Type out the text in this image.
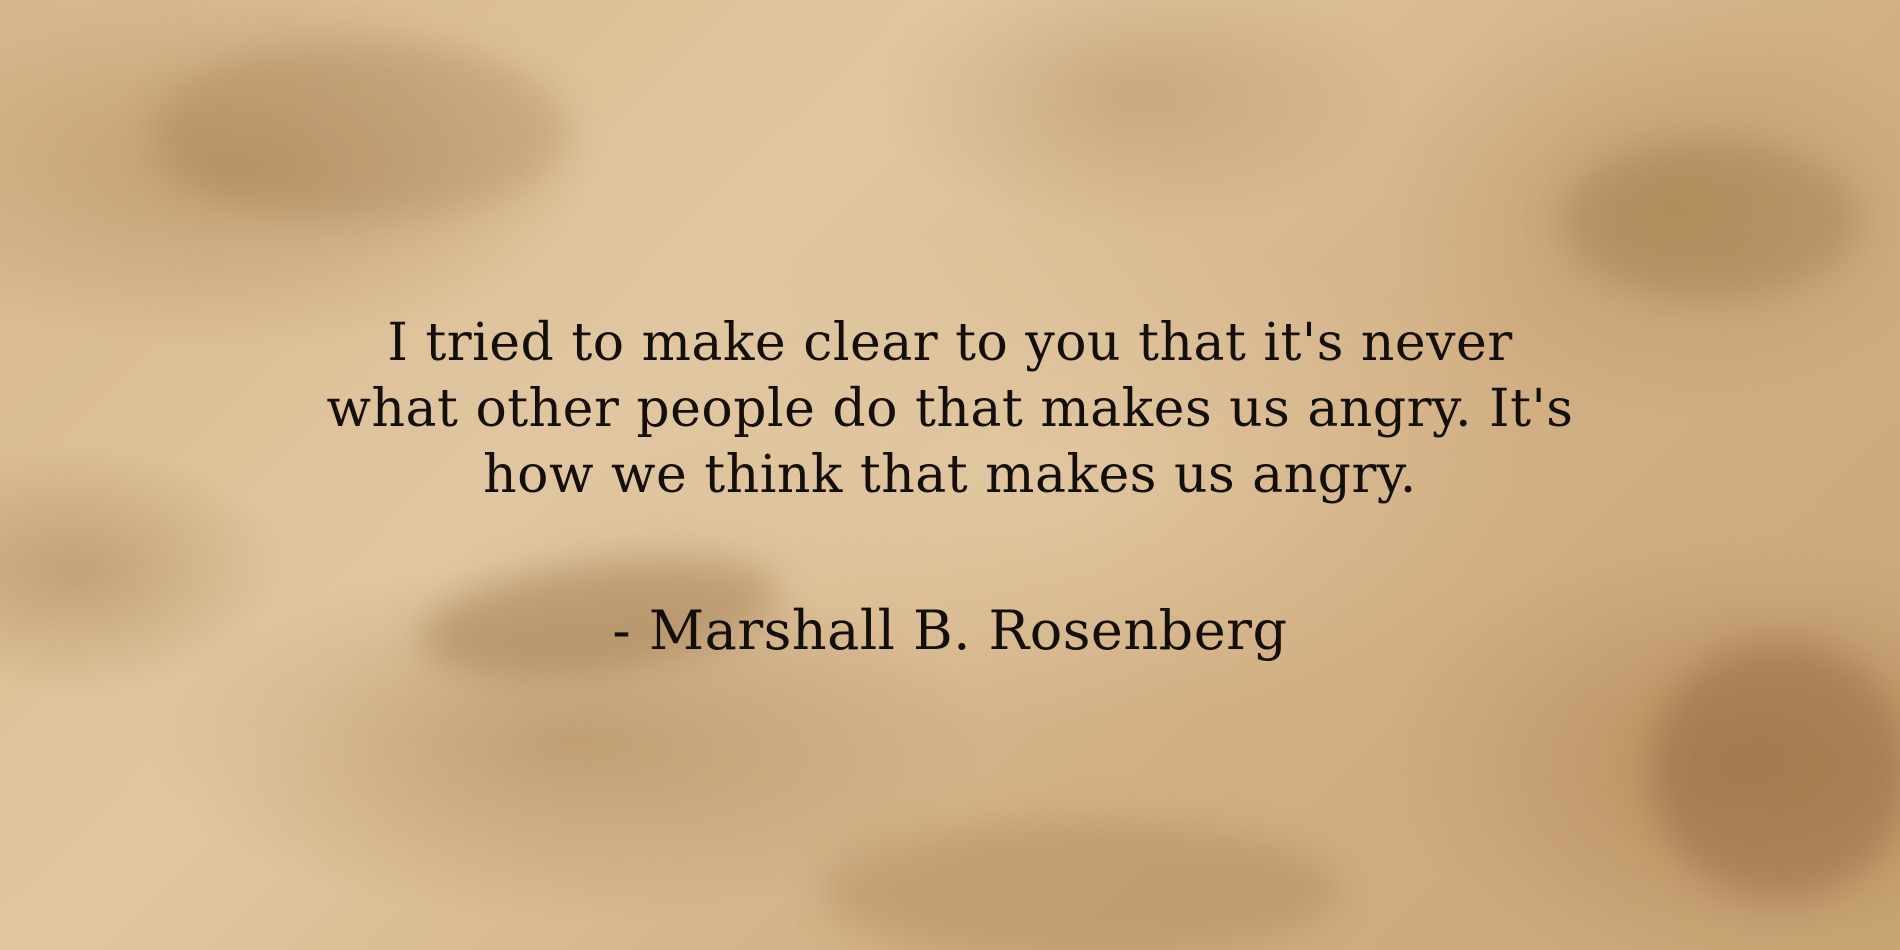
I tried to make clear to you that it's never
what other people do that makes us angry. It's
how we think that makes us angry.
- Marshall B. Rosenberg
